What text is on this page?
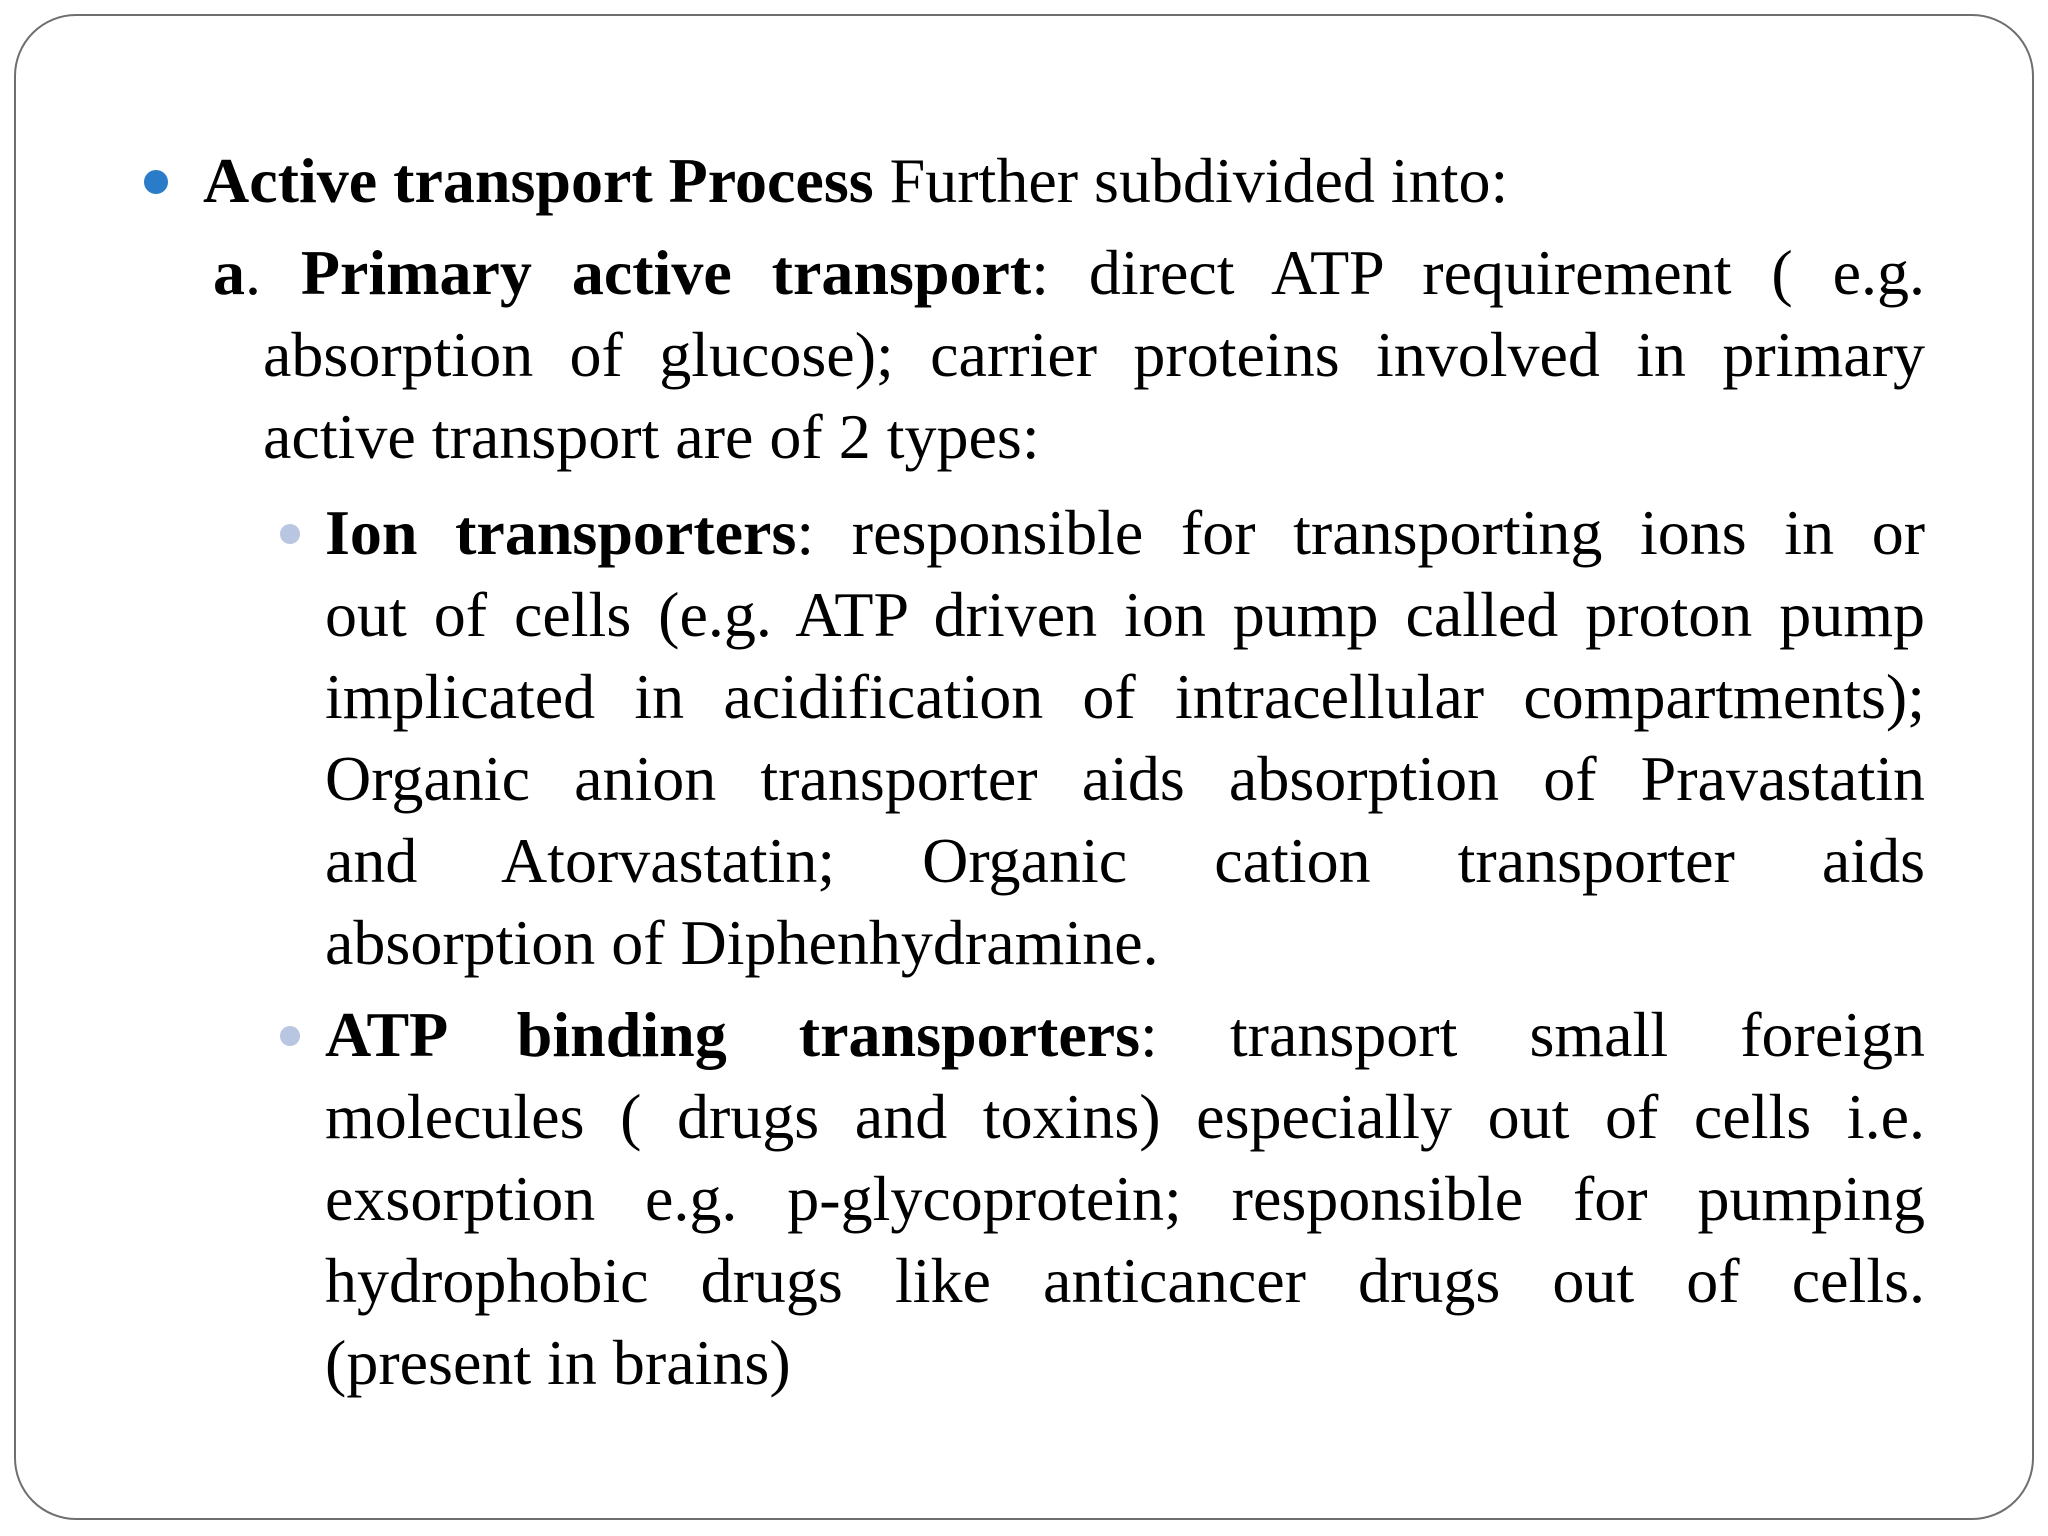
Active transport Process Further subdivided into:
a. Primary active transport: direct ATP requirement ( e.g.
absorption of glucose); carrier proteins involved in primary
active transport are of 2 types:
Ion transporters: responsible for transporting ions in or
out of cells (e.g. ATP driven ion pump called proton pump
implicated in acidification of intracellular compartments);
Organic anion transporter aids absorption of Pravastatin
and Atorvastatin; Organic cation transporter aids
absorption of Diphenhydramine.
ATP binding transporters: transport small foreign
molecules ( drugs and toxins) especially out of cells i.e.
exsorption e.g. p-glycoprotein; responsible for pumping
hydrophobic drugs like anticancer drugs out of cells.
(present in brains)
